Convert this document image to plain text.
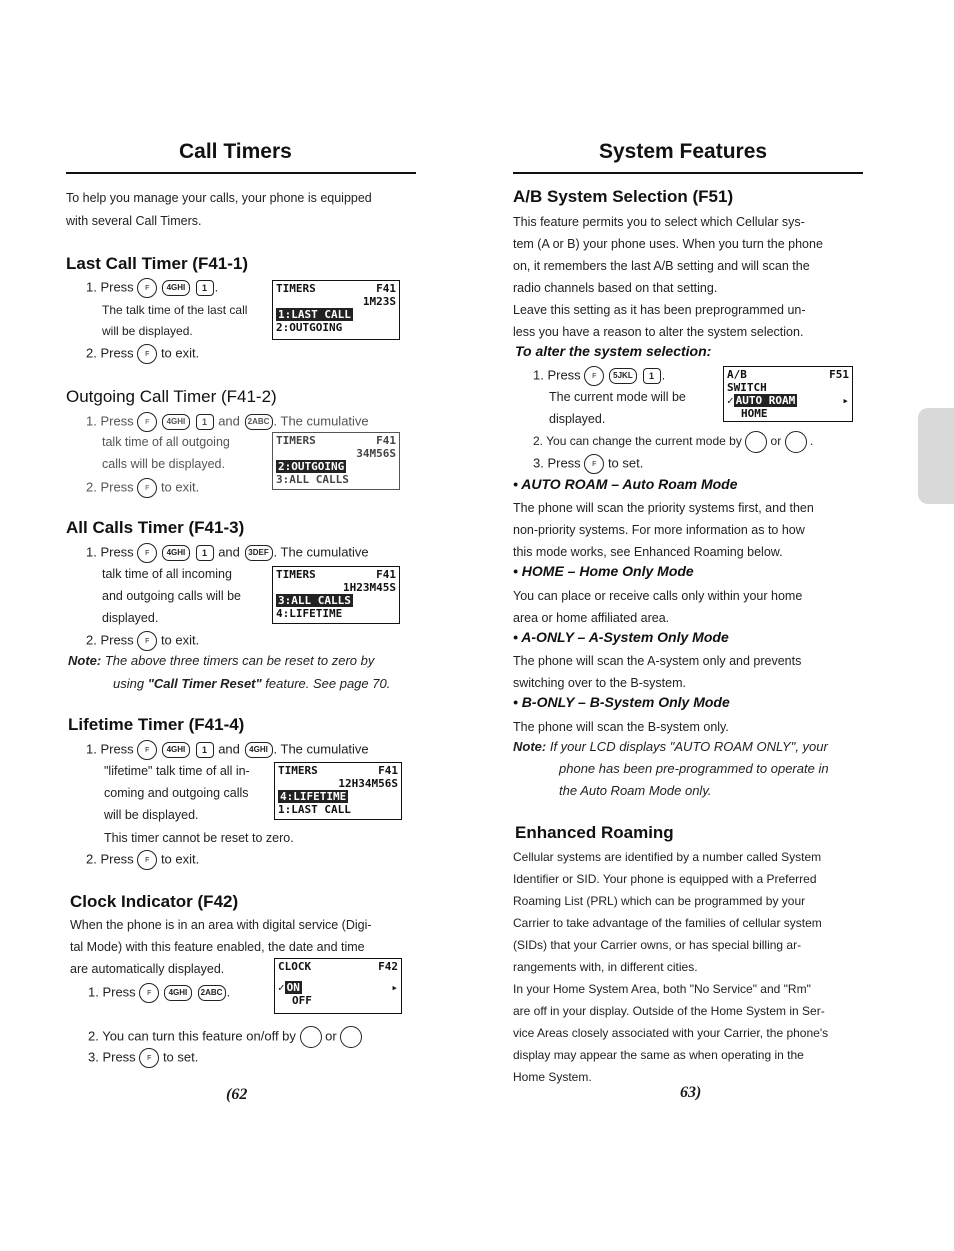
Call Timers
To help you manage your calls, your phone is equipped
with several Call Timers.
Last Call Timer (F41-1)
1. Press F 4GHI 1 .
The talk time of the last call
will be displayed.
2. Press F to exit.
TIMERS	F41
1M23S
1:LAST CALL
2:OUTGOING
Outgoing Call Timer (F41-2)
1. Press F 4GHI 1 and 2ABC . The cumulative
talk time of all outgoing
calls will be displayed.
2. Press F to exit.
TIMERS	F41
34M56S
2:OUTGOING
3:ALL CALLS
All Calls Timer (F41-3)
1. Press F 4GHI 1 and 3DEF . The cumulative
talk time of all incoming
and outgoing calls will be
displayed.
2. Press F to exit.
TIMERS	F41
1H23M45S
3:ALL CALLS
4:LIFETIME
Note: The above three timers can be reset to zero by
using "Call Timer Reset" feature. See page 70.
Lifetime Timer (F41-4)
1. Press F 4GHI 1 and 4GHI . The cumulative
"lifetime" talk time of all in-
coming and outgoing calls
will be displayed.
TIMERS	F41
12H34M56S
4:LIFETIME
1:LAST CALL
This timer cannot be reset to zero.
2. Press F to exit.
Clock Indicator (F42)
When the phone is in an area with digital service (Digi-
tal Mode) with this feature enabled, the date and time
are automatically displayed.	CLOCK	F42
✓ ON	▸
OFF
1. Press F 4GHI 2ABC .
2. You can turn this feature on/off by or
3. Press F to set.
(62
System Features
A/B System Selection (F51)
This feature permits you to select which Cellular sys-
tem (A or B) your phone uses. When you turn the phone
on, it remembers the last A/B setting and will scan the
radio channels based on that setting.
Leave this setting as it has been preprogrammed un-
less you have a reason to alter the system selection.
To alter the system selection:
1. Press F 5JKL 1 .
The current mode will be
displayed.
A/B	F51
SWITCH
✓ AUTO ROAM	▸
HOME
2. You can change the current mode by or  .
3. Press F to set.
• AUTO ROAM – Auto Roam Mode
The phone will scan the priority systems first, and then
non-priority systems. For more information as to how
this mode works, see Enhanced Roaming below.
• HOME – Home Only Mode
You can place or receive calls only within your home
area or home affiliated area.
• A-ONLY – A-System Only Mode
The phone will scan the A-system only and prevents
switching over to the B-system.
• B-ONLY – B-System Only Mode
The phone will scan the B-system only.
Note: If your LCD displays "AUTO ROAM ONLY", your
phone has been pre-programmed to operate in
the Auto Roam Mode only.
Enhanced Roaming
Cellular systems are identified by a number called System
Identifier or SID. Your phone is equipped with a Preferred
Roaming List (PRL) which can be programmed by your
Carrier to take advantage of the families of cellular system
(SIDs) that your Carrier owns, or has special billing ar-
rangements with, in different cities.
In your Home System Area, both "No Service" and "Rm"
are off in your display. Outside of the Home System in Ser-
vice Areas closely associated with your Carrier, the phone's
display may appear the same as when operating in the
Home System.
63)
